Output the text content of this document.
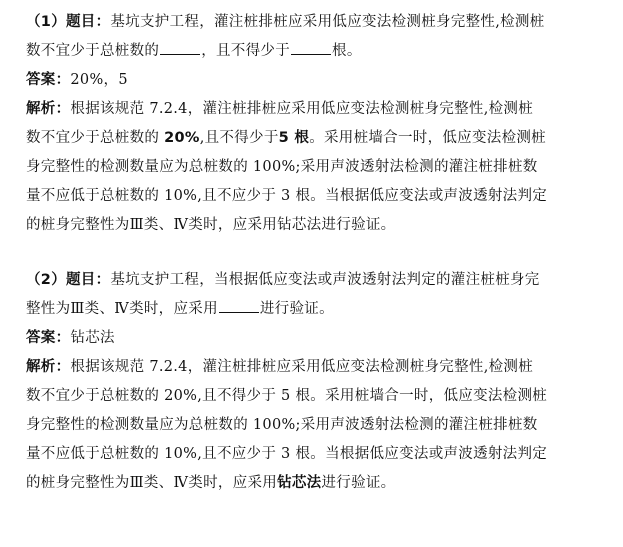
（1）题目：基坑支护工程，灌注桩排桩应采用低应变法检测桩身完整性,检测桩
数不宜少于总桩数的	，且不得少于	根。
答案：20%，5
解析：根据该规范 7.2.4，灌注桩排桩应采用低应变法检测桩身完整性,检测桩
数不宜少于总桩数的 20%,且不得少于5 根。采用桩墙合一时，低应变法检测桩
身完整性的检测数量应为总桩数的 100%;采用声波透射法检测的灌注桩排桩数
量不应低于总桩数的 10%,且不应少于 3 根。当根据低应变法或声波透射法判定
的桩身完整性为Ⅲ类、Ⅳ类时，应采用钻芯法进行验证。
（2）题目：基坑支护工程，当根据低应变法或声波透射法判定的灌注桩桩身完
整性为Ⅲ类、Ⅳ类时，应采用	进行验证。
答案：钻芯法
解析：根据该规范 7.2.4，灌注桩排桩应采用低应变法检测桩身完整性,检测桩
数不宜少于总桩数的 20%,且不得少于 5 根。采用桩墙合一时，低应变法检测桩
身完整性的检测数量应为总桩数的 100%;采用声波透射法检测的灌注桩排桩数
量不应低于总桩数的 10%,且不应少于 3 根。当根据低应变法或声波透射法判定
的桩身完整性为Ⅲ类、Ⅳ类时，应采用钻芯法进行验证。
